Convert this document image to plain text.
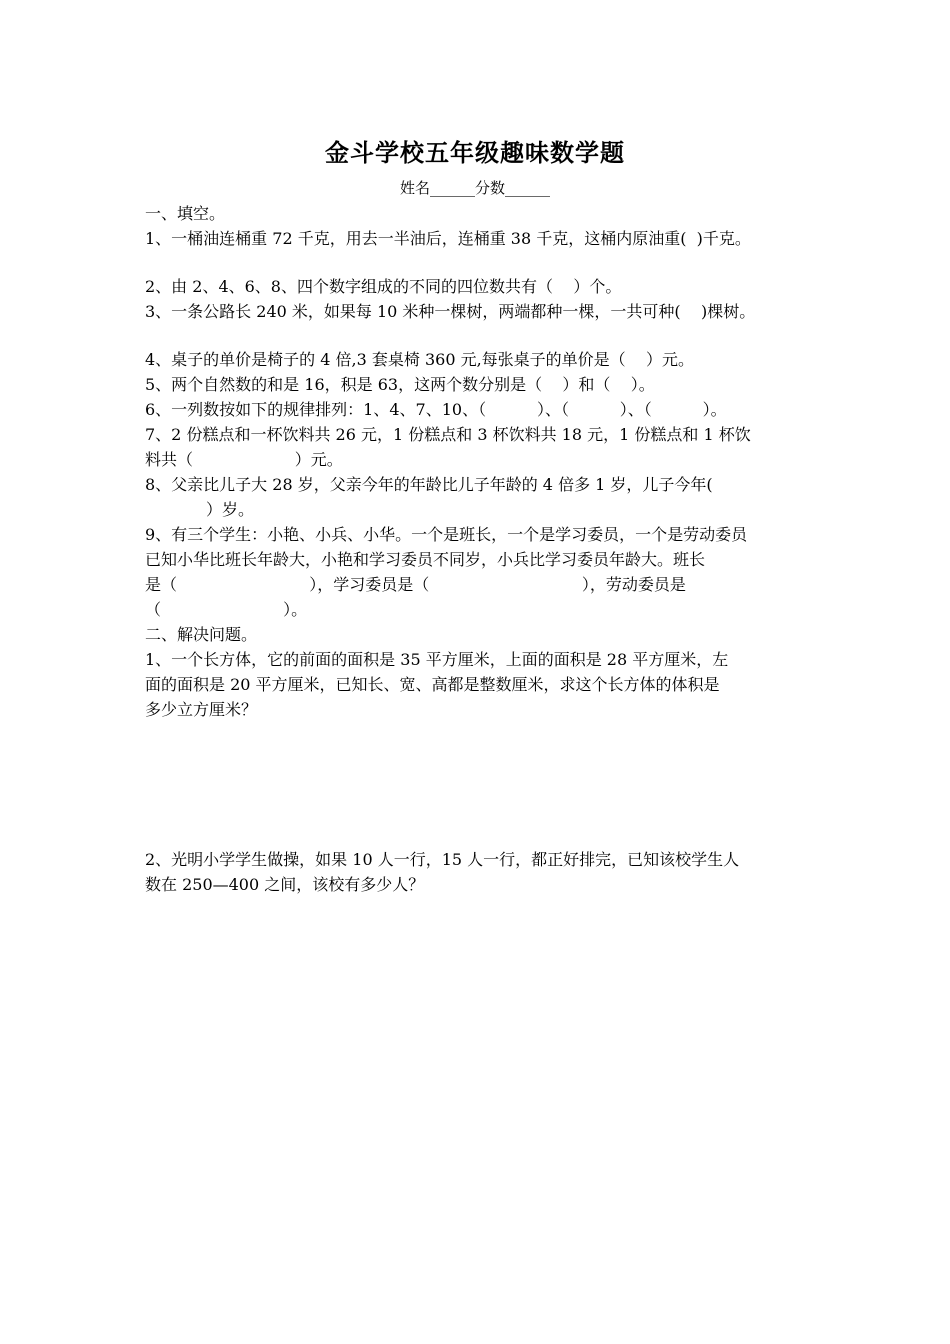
金斗学校五年级趣味数学题
姓名______分数______
一、填空。
1、一桶油连桶重 72 千克，用去一半油后，连桶重 38 千克，这桶内原油重(  )千克。
2、由 2、4、6、8、四个数字组成的不同的四位数共有（    ）个。
3、一条公路长 240 米，如果每 10 米种一棵树，两端都种一棵，一共可种(    )棵树。
4、桌子的单价是椅子的 4 倍,3 套桌椅 360 元,每张桌子的单价是（    ）元。
5、两个自然数的和是 16，积是 63，这两个数分别是（    ）和（    ）。
6、一列数按如下的规律排列：1、4、7、10、（          ）、（          ）、（          ）。
7、2 份糕点和一杯饮料共 26 元，1 份糕点和 3 杯饮料共 18 元，1 份糕点和 1 杯饮
料共（                    ）元。
8、父亲比儿子大 28 岁，父亲今年的年龄比儿子年龄的 4 倍多 1 岁，儿子今年(
）岁。
9、有三个学生：小艳、小兵、小华。一个是班长，一个是学习委员，一个是劳动委员
已知小华比班长年龄大，小艳和学习委员不同岁，小兵比学习委员年龄大。班长
是（                          ），学习委员是（                              ），劳动委员是
（                        ）。
二、解决问题。
1、一个长方体，它的前面的面积是 35 平方厘米，上面的面积是 28 平方厘米，左
面的面积是 20 平方厘米，已知长、宽、高都是整数厘米，求这个长方体的体积是
多少立方厘米？
2、光明小学学生做操，如果 10 人一行，15 人一行，都正好排完，已知该校学生人
数在 250—400 之间，该校有多少人？
